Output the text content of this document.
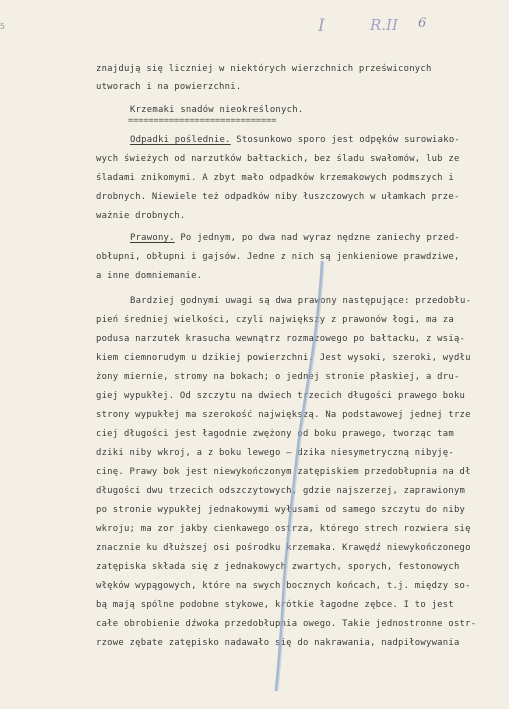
5	I	R.II 6
znajdują się liczniej w niektórych wierzchnich przeświconych
utworach i na powierzchni.
Krzemaki snadów nieokreślonych.
=============================
Odpadki poślednie. Stosunkowo sporo jest odpęków surowiako-
wych świeżych od narzutków bałtackich, bez śladu swałomów, lub ze
śladami znikomymi. A zbyt mało odpadków krzemakowych podmszych i
drobnych. Niewiele też odpadków niby łuszczowych w ułamkach prze-
ważnie drobnych.
Prawony. Po jednym, po dwa nad wyraz nędzne zaniechy przed-
obłupni, obłupni i gajsów. Jedne z nich są jenkieniowe prawdziwe,
a inne domniemanie.
Bardziej godnymi uwagi są dwa prawony następujące: przedobłu-
pień średniej wielkości, czyli największy z prawonów łogi, ma za
podusa narzutek krasucha wewnątrz rozmazowego po bałtacku, z wsią-
kiem ciemnorudym u dzikiej powierzchni. Jest wysoki, szeroki, wydłu
żony miernie, stromy na bokach; o jednej stronie płaskiej, a dru-
giej wypukłej. Od szczytu na dwiech trzecich długości prawego boku
strony wypukłej ma szerokość największą. Na podstawowej jednej trze
ciej długości jest łagodnie zwężony od boku prawego, tworząc tam
dziki niby wkroj, a z boku lewego — dzika niesymetryczną nibyję-
cinę. Prawy bok jest niewykończonym zatępiskiem przedobłupnia na dł
długości dwu trzecich odszczytowych, gdzie najszerzej, zaprawionym
po stronie wypukłej jednakowymi wyłusami od samego szczytu do niby
wkroju; ma zor jakby cienkawego ostrza, którego strech rozwiera się
znacznie ku dłuższej osi pośrodku krzemaka. Krawędź niewykończonego
zatępiska składa się z jednakowych zwartych, sporych, festonowych
włęków wypągowych, które na swych bocznych końcach, t.j. między so-
bą mają spólne podobne stykowe, krótkie łagodne zębce. I to jest
całe obrobienie dźwoka przedobłupnia owego. Takie jednostronne ostr-
rzowe zębate zatępisko nadawało się do nakrawania, nadpiłowywania
